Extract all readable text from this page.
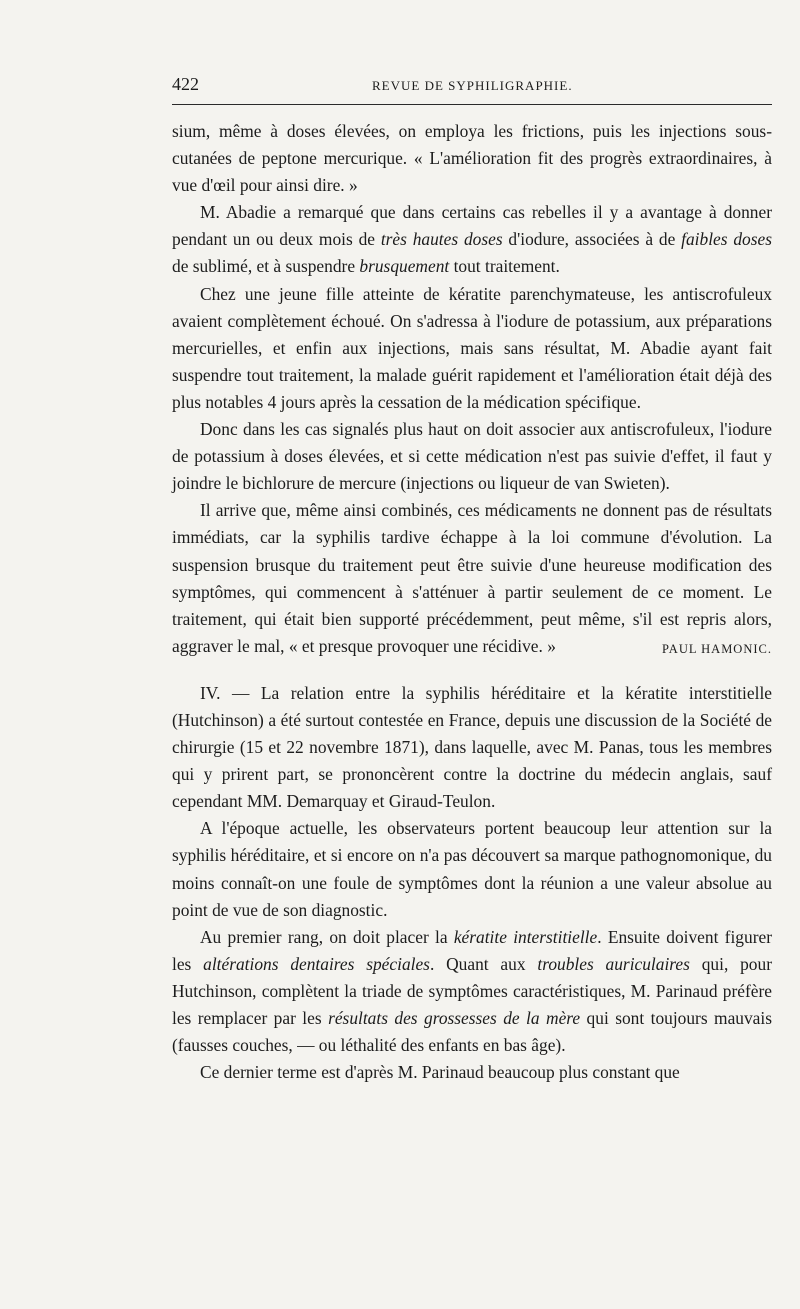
422	REVUE DE SYPHILIGRAPHIE.

sium, même à doses élevées, on employa les frictions, puis les injections sous-cutanées de peptone mercurique. « L'amélioration fit des progrès extraordinaires, à vue d'œil pour ainsi dire. »

M. Abadie a remarqué que dans certains cas rebelles il y a avantage à donner pendant un ou deux mois de très hautes doses d'iodure, associées à de faibles doses de sublimé, et à suspendre brusquement tout traitement.

Chez une jeune fille atteinte de kératite parenchymateuse, les antiscrofuleux avaient complètement échoué. On s'adressa à l'iodure de potassium, aux préparations mercurielles, et enfin aux injections, mais sans résultat, M. Abadie ayant fait suspendre tout traitement, la malade guérit rapidement et l'amélioration était déjà des plus notables 4 jours après la cessation de la médication spécifique.

Donc dans les cas signalés plus haut on doit associer aux antiscrofuleux, l'iodure de potassium à doses élevées, et si cette médication n'est pas suivie d'effet, il faut y joindre le bichlorure de mercure (injections ou liqueur de van Swieten).

Il arrive que, même ainsi combinés, ces médicaments ne donnent pas de résultats immédiats, car la syphilis tardive échappe à la loi commune d'évolution. La suspension brusque du traitement peut être suivie d'une heureuse modification des symptômes, qui commencent à s'atténuer à partir seulement de ce moment. Le traitement, qui était bien supporté précédemment, peut même, s'il est repris alors, aggraver le mal, « et presque provoquer une récidive. »	PAUL HAMONIC.

IV. — La relation entre la syphilis héréditaire et la kératite interstitielle (Hutchinson) a été surtout contestée en France, depuis une discussion de la Société de chirurgie (15 et 22 novembre 1871), dans laquelle, avec M. Panas, tous les membres qui y prirent part, se prononcèrent contre la doctrine du médecin anglais, sauf cependant MM. Demarquay et Giraud-Teulon.

A l'époque actuelle, les observateurs portent beaucoup leur attention sur la syphilis héréditaire, et si encore on n'a pas découvert sa marque pathognomonique, du moins connaît-on une foule de symptômes dont la réunion a une valeur absolue au point de vue de son diagnostic.

Au premier rang, on doit placer la kératite interstitielle. Ensuite doivent figurer les altérations dentaires spéciales. Quant aux troubles auriculaires qui, pour Hutchinson, complètent la triade de symptômes caractéristiques, M. Parinaud préfère les remplacer par les résultats des grossesses de la mère qui sont toujours mauvais (fausses couches, — ou léthalité des enfants en bas âge).

Ce dernier terme est d'après M. Parinaud beaucoup plus constant que
